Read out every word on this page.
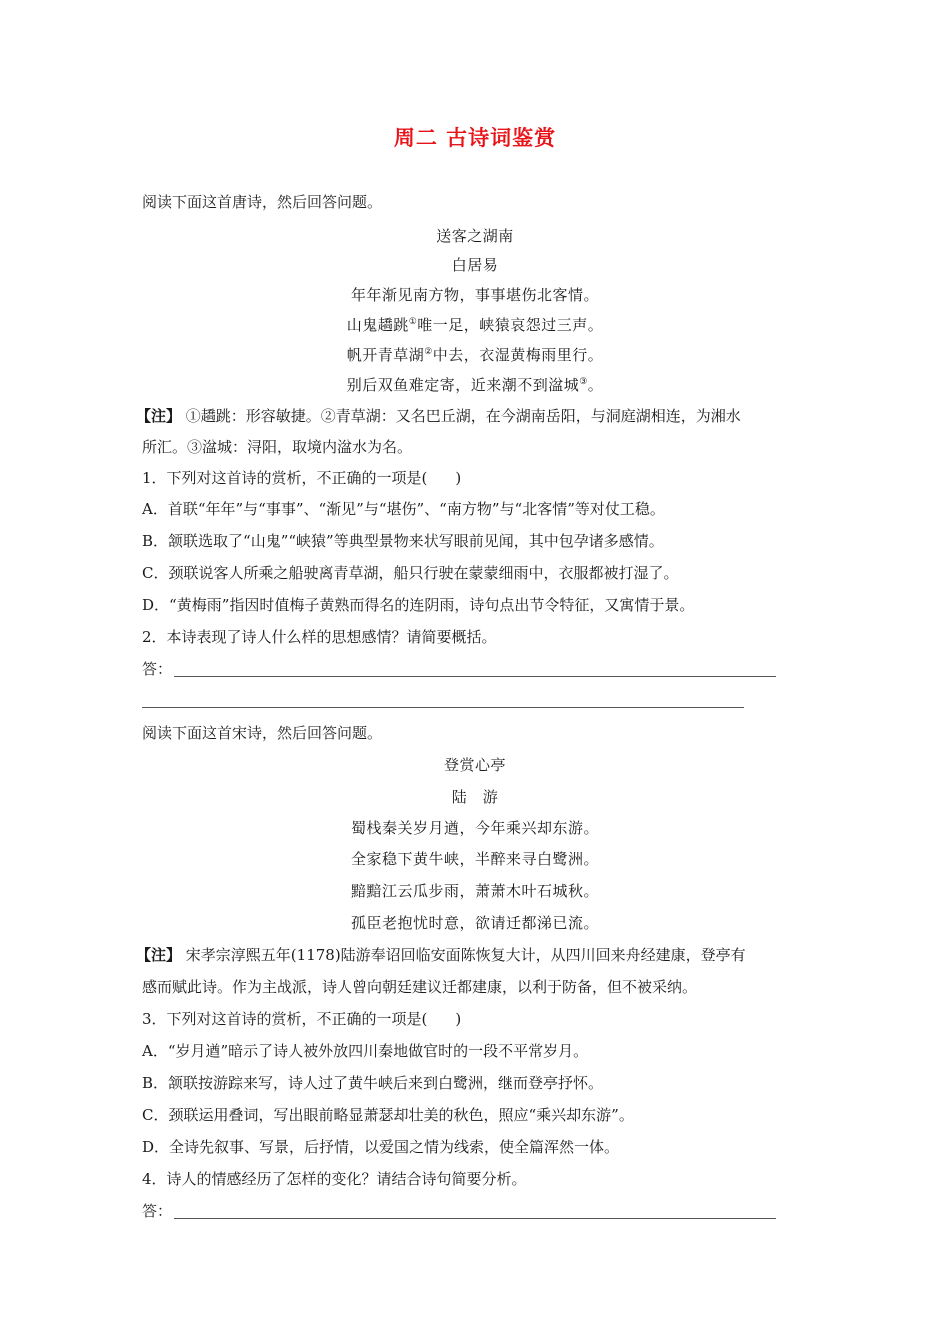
周二 古诗词鉴赏
阅读下面这首唐诗，然后回答问题。
送客之湖南
白居易
年年渐见南方物，事事堪伤北客情。
山鬼趫跳①唯一足，峡猿哀怨过三声。
帆开青草湖②中去，衣湿黄梅雨里行。
别后双鱼难定寄，近来潮不到湓城③。
【注】 ①趫跳：形容敏捷。②青草湖：又名巴丘湖，在今湖南岳阳，与洞庭湖相连，为湘水
所汇。③湓城：浔阳，取境内湓水为名。
1．下列对这首诗的赏析，不正确的一项是( )
A．首联“年年”与“事事”、“渐见”与“堪伤”、“南方物”与“北客情”等对仗工稳。
B．颔联选取了“山鬼”“峡猿”等典型景物来状写眼前见闻，其中包孕诸多感情。
C．颈联说客人所乘之船驶离青草湖，船只行驶在蒙蒙细雨中，衣服都被打湿了。
D．“黄梅雨”指因时值梅子黄熟而得名的连阴雨，诗句点出节令特征，又寓情于景。
2．本诗表现了诗人什么样的思想感情？请简要概括。
答：
阅读下面这首宋诗，然后回答问题。
登赏心亭
陆　游
蜀栈秦关岁月遒，今年乘兴却东游。
全家稳下黄牛峡，半醉来寻白鹭洲。
黯黯江云瓜步雨，萧萧木叶石城秋。
孤臣老抱忧时意，欲请迁都涕已流。
【注】 宋孝宗淳熙五年(1178)陆游奉诏回临安面陈恢复大计，从四川回来舟经建康，登亭有
感而赋此诗。作为主战派，诗人曾向朝廷建议迁都建康，以利于防备，但不被采纳。
3．下列对这首诗的赏析，不正确的一项是( )
A．“岁月遒”暗示了诗人被外放四川秦地做官时的一段不平常岁月。
B．颔联按游踪来写，诗人过了黄牛峡后来到白鹭洲，继而登亭抒怀。
C．颈联运用叠词，写出眼前略显萧瑟却壮美的秋色，照应“乘兴却东游”。
D．全诗先叙事、写景，后抒情，以爱国之情为线索，使全篇浑然一体。
4．诗人的情感经历了怎样的变化？请结合诗句简要分析。
答：
